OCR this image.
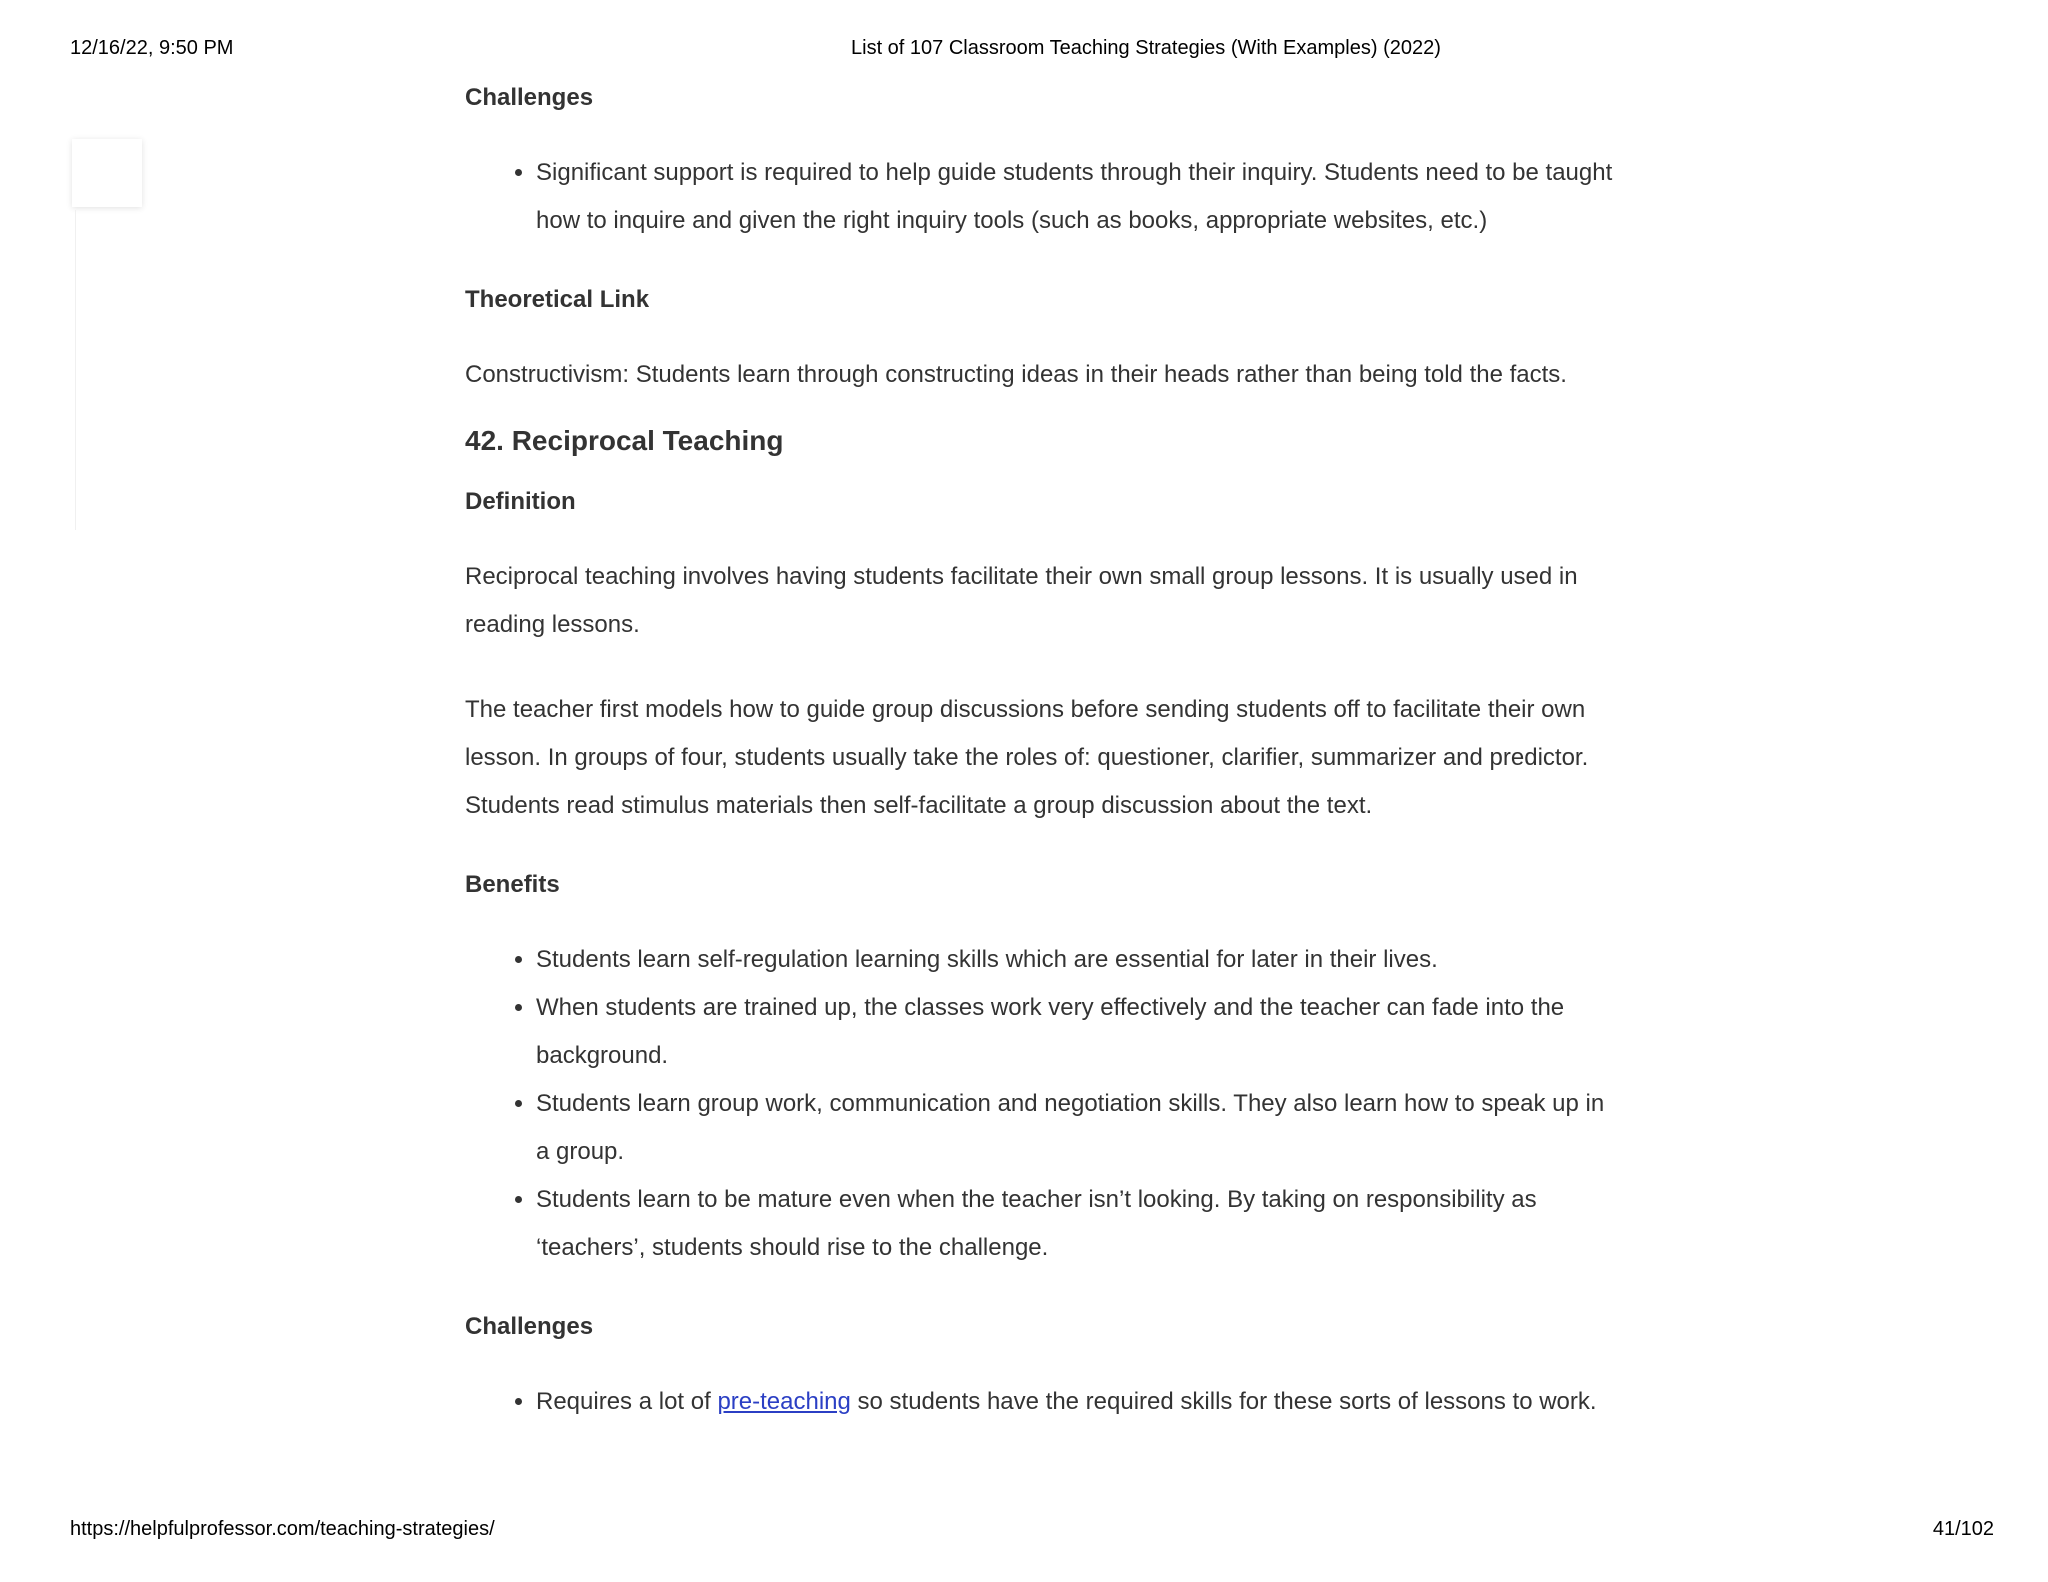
12/16/22, 9:50 PM	List of 107 Classroom Teaching Strategies (With Examples) (2022)
Challenges
• Significant support is required to help guide students through their inquiry. Students need to be taught how to inquire and given the right inquiry tools (such as books, appropriate websites, etc.)
Theoretical Link

Constructivism: Students learn through constructing ideas in their heads rather than being told the facts.

42. Reciprocal Teaching
Definition

Reciprocal teaching involves having students facilitate their own small group lessons. It is usually used in reading lessons.

The teacher first models how to guide group discussions before sending students off to facilitate their own lesson. In groups of four, students usually take the roles of: questioner, clarifier, summarizer and predictor. Students read stimulus materials then self-facilitate a group discussion about the text.

Benefits
• Students learn self-regulation learning skills which are essential for later in their lives.
• When students are trained up, the classes work very effectively and the teacher can fade into the background.
• Students learn group work, communication and negotiation skills. They also learn how to speak up in a group.
• Students learn to be mature even when the teacher isn’t looking. By taking on responsibility as ‘teachers’, students should rise to the challenge.
Challenges
• Requires a lot of pre-teaching so students have the required skills for these sorts of lessons to work.
https://helpfulprofessor.com/teaching-strategies/	41/102
